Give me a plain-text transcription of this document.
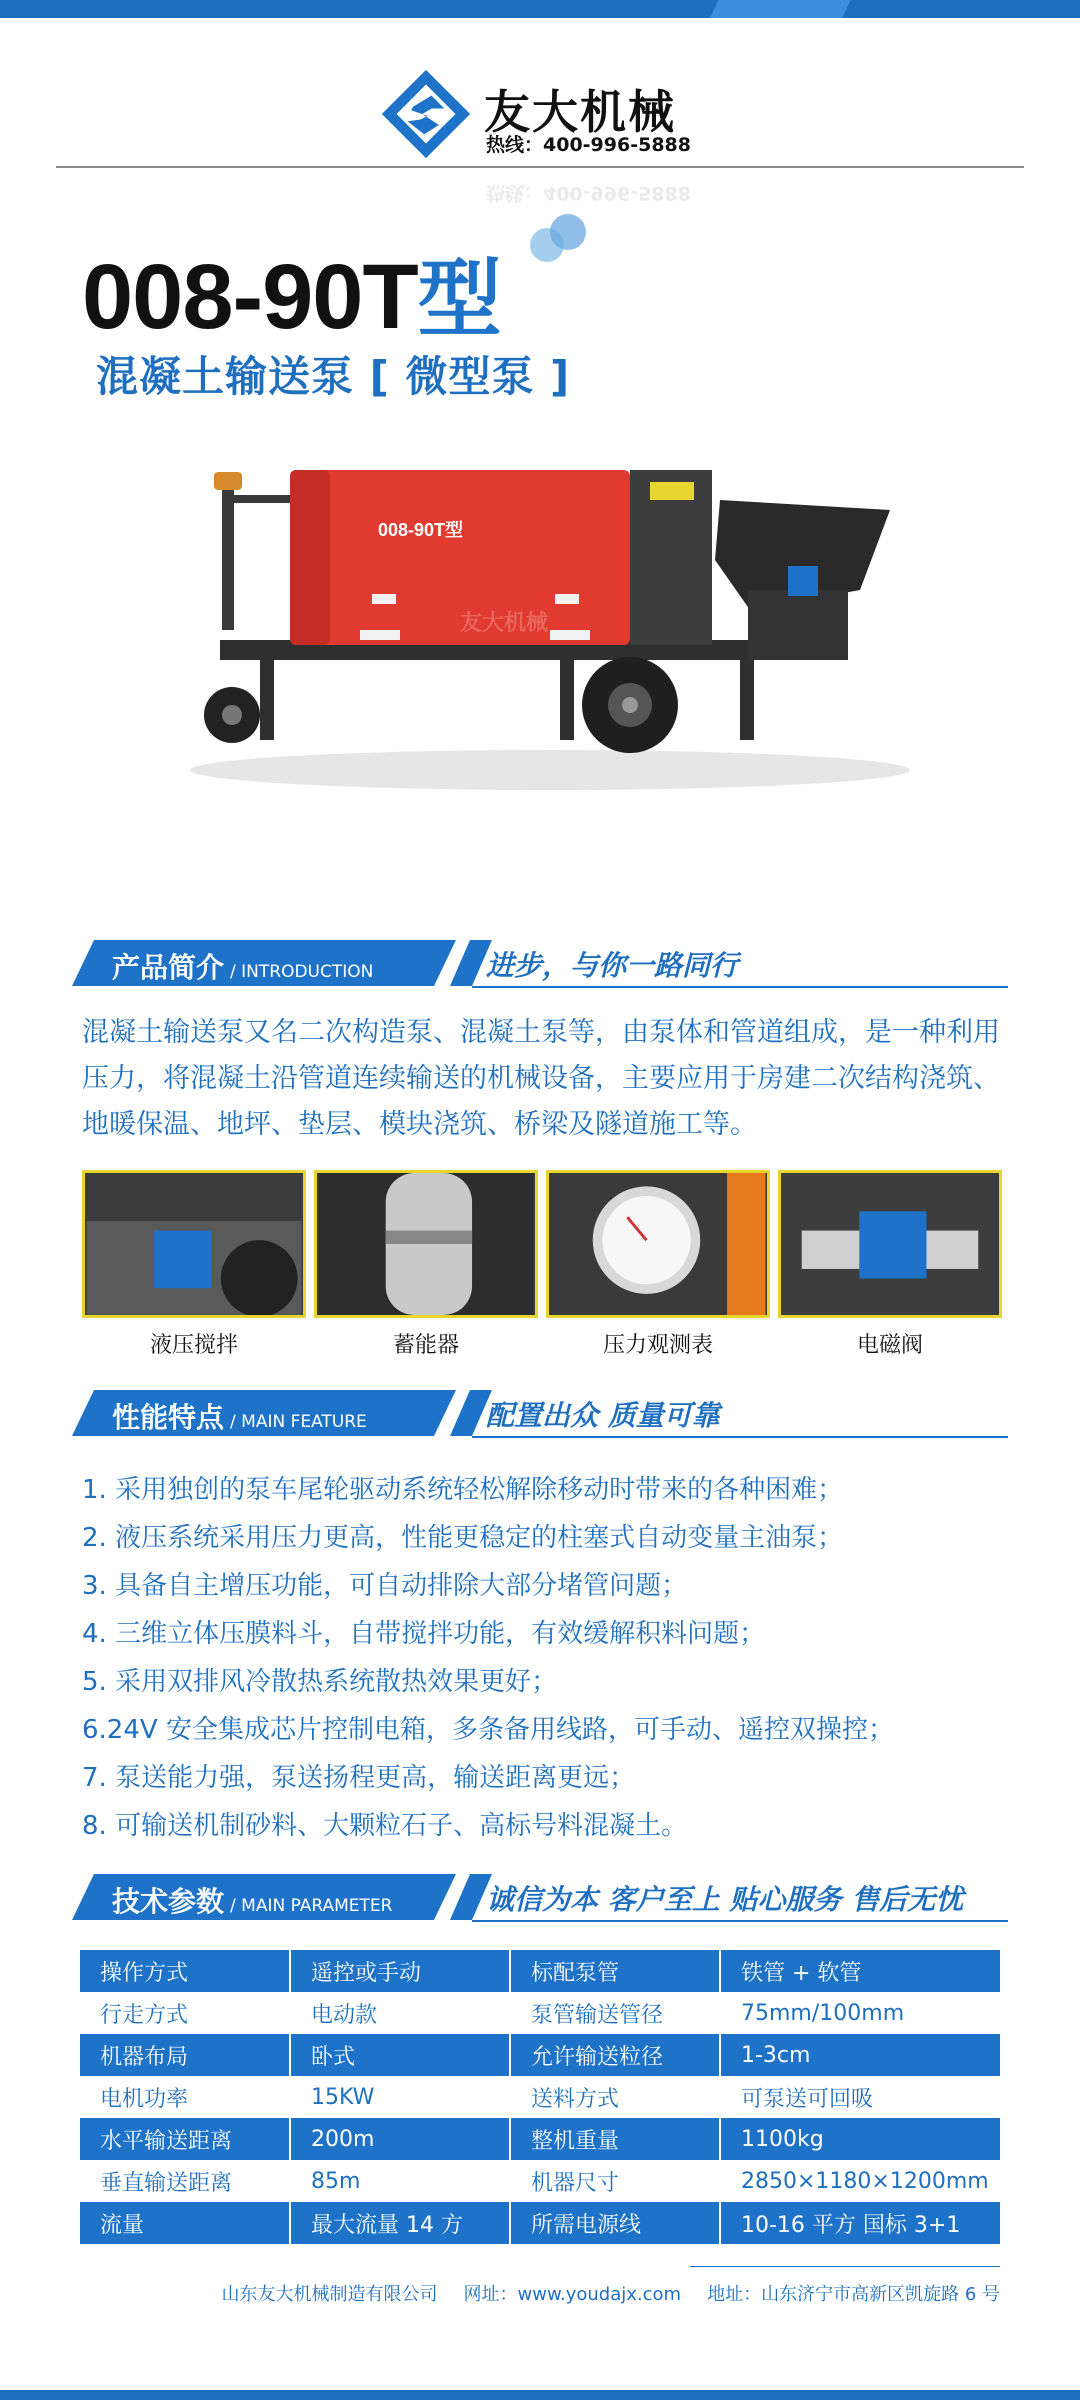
友大机械
热线：400-996-5888
热线：400-996-5888
008-90T型
混凝土输送泵 [ 微型泵 ]
008-90T型
友大机械
产品简介 / INTRODUCTION	进步，与你一路同行
混凝土输送泵又名二次构造泵、混凝土泵等，由泵体和管道组成，是一种利用压力，将混凝土沿管道连续输送的机械设备，主要应用于房建二次结构浇筑、地暖保温、地坪、垫层、模块浇筑、桥梁及隧道施工等。
液压搅拌	蓄能器	压力观测表	电磁阀
性能特点 / MAIN FEATURE	配置出众 质量可靠
1. 采用独创的泵车尾轮驱动系统轻松解除移动时带来的各种困难；
2. 液压系统采用压力更高，性能更稳定的柱塞式自动变量主油泵；
3. 具备自主增压功能，可自动排除大部分堵管问题；
4. 三维立体压膜料斗，自带搅拌功能，有效缓解积料问题；
5. 采用双排风冷散热系统散热效果更好；
6.24V 安全集成芯片控制电箱，多条备用线路，可手动、遥控双操控；
7. 泵送能力强，泵送扬程更高，输送距离更远；
8. 可输送机制砂料、大颗粒石子、高标号料混凝土。
技术参数 / MAIN PARAMETER	诚信为本 客户至上 贴心服务 售后无忧
操作方式	遥控或手动	标配泵管	铁管 + 软管
行走方式	电动款	泵管输送管径	75mm/100mm
机器布局	卧式	允许输送粒径	1-3cm
电机功率	15KW	送料方式	可泵送可回吸
水平输送距离	200m	整机重量	1100kg
垂直输送距离	85m	机器尺寸	2850×1180×1200mm
流量	最大流量 14 方	所需电源线	10-16 平方 国标 3+1
山东友大机械制造有限公司 网址：www.youdajx.com 地址：山东济宁市高新区凯旋路 6 号
